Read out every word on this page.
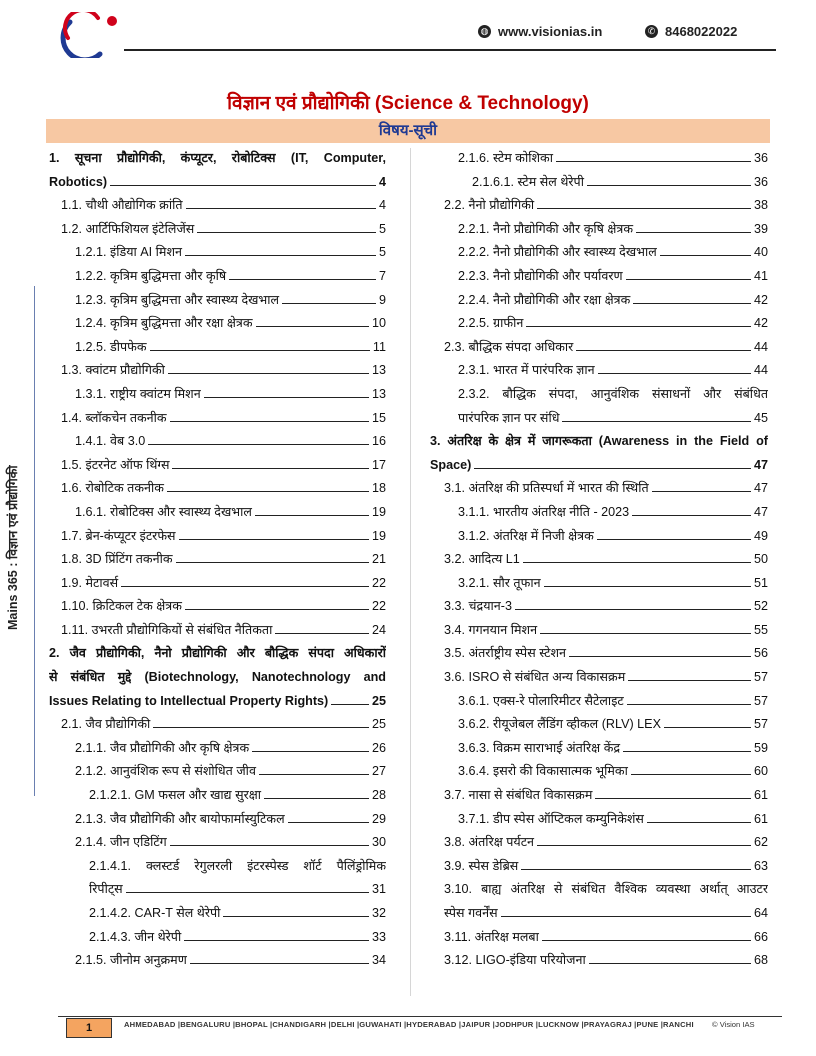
◍ www.visionias.in	✆ 8468022022
Mains 365 : विज्ञान एवं प्रौद्योगिकी
विज्ञान एवं प्रौद्योगिकी (Science & Technology)
विषय-सूची
1. सूचना प्रौद्योगिकी, कंप्यूटर, रोबोटिक्स (IT, Computer,
Robotics)	4
1.1. चौथी औद्योगिक क्रांति	4
1.2. आर्टिफिशियल इंटेलिजेंस	5
1.2.1. इंडिया AI मिशन	5
1.2.2. कृत्रिम बुद्धिमत्ता और कृषि	7
1.2.3. कृत्रिम बुद्धिमत्ता और स्वास्थ्य देखभाल	9
1.2.4. कृत्रिम बुद्धिमत्ता और रक्षा क्षेत्रक	10
1.2.5. डीपफेक	11
1.3. क्वांटम प्रौद्योगिकी	13
1.3.1. राष्ट्रीय क्वांटम मिशन	13
1.4. ब्लॉकचेन तकनीक	15
1.4.1. वेब 3.0	16
1.5. इंटरनेट ऑफ थिंग्स	17
1.6. रोबोटिक तकनीक	18
1.6.1. रोबोटिक्स और स्वास्थ्य देखभाल	19
1.7. ब्रेन-कंप्यूटर इंटरफेस	19
1.8. 3D प्रिंटिंग तकनीक	21
1.9. मेटावर्स	22
1.10. क्रिटिकल टेक क्षेत्रक	22
1.11. उभरती प्रौद्योगिकियों से संबंधित नैतिकता	24
2. जैव प्रौद्योगिकी, नैनो प्रौद्योगिकी और बौद्धिक संपदा अधिकारों
से संबंधित मुद्दे (Biotechnology, Nanotechnology and
Issues Relating to Intellectual Property Rights)	25
2.1. जैव प्रौद्योगिकी	25
2.1.1. जैव प्रौद्योगिकी और कृषि क्षेत्रक	26
2.1.2. आनुवंशिक रूप से संशोधित जीव	27
2.1.2.1. GM फसल और खाद्य सुरक्षा	28
2.1.3. जैव प्रौद्योगिकी और बायोफार्मास्युटिकल	29
2.1.4. जीन एडिटिंग	30
2.1.4.1. क्लस्टर्ड रेगुलरली इंटरस्पेस्ड शॉर्ट पैलिंड्रोमिक
रिपीट्स	31
2.1.4.2. CAR-T सेल थेरेपी	32
2.1.4.3. जीन थेरेपी	33
2.1.5. जीनोम अनुक्रमण	34
2.1.6. स्टेम कोशिका	36
2.1.6.1. स्टेम सेल थेरेपी	36
2.2. नैनो प्रौद्योगिकी	38
2.2.1. नैनो प्रौद्योगिकी और कृषि क्षेत्रक	39
2.2.2. नैनो प्रौद्योगिकी और स्वास्थ्य देखभाल	40
2.2.3. नैनो प्रौद्योगिकी और पर्यावरण	41
2.2.4. नैनो प्रौद्योगिकी और रक्षा क्षेत्रक	42
2.2.5. ग्राफीन	42
2.3. बौद्धिक संपदा अधिकार	44
2.3.1. भारत में पारंपरिक ज्ञान	44
2.3.2. बौद्धिक संपदा, आनुवंशिक संसाधनों और संबंधित
पारंपरिक ज्ञान पर संधि	45
3. अंतरिक्ष के क्षेत्र में जागरूकता (Awareness in the Field of
Space)	47
3.1. अंतरिक्ष की प्रतिस्पर्धा में भारत की स्थिति	47
3.1.1. भारतीय अंतरिक्ष नीति - 2023	47
3.1.2. अंतरिक्ष में निजी क्षेत्रक	49
3.2. आदित्य L1	50
3.2.1. सौर तूफान	51
3.3. चंद्रयान-3	52
3.4. गगनयान मिशन	55
3.5. अंतर्राष्ट्रीय स्पेस स्टेशन	56
3.6. ISRO से संबंधित अन्य विकासक्रम	57
3.6.1. एक्स-रे पोलारिमीटर सैटेलाइट	57
3.6.2. रीयूजेबल लैंडिंग व्हीकल (RLV) LEX	57
3.6.3. विक्रम साराभाई अंतरिक्ष केंद्र	59
3.6.4. इसरो की विकासात्मक भूमिका	60
3.7. नासा से संबंधित विकासक्रम	61
3.7.1. डीप स्पेस ऑप्टिकल कम्युनिकेशंस	61
3.8. अंतरिक्ष पर्यटन	62
3.9. स्पेस डेब्रिस	63
3.10. बाह्य अंतरिक्ष से संबंधित वैश्विक व्यवस्था अर्थात् आउटर
स्पेस गवर्नेंस	64
3.11. अंतरिक्ष मलबा	66
3.12. LIGO-इंडिया परियोजना	68
1	AHMEDABAD |BENGALURU |BHOPAL |CHANDIGARH |DELHI |GUWAHATI |HYDERABAD |JAIPUR |JODHPUR |LUCKNOW |PRAYAGRAJ |PUNE |RANCHI © Vision IAS
